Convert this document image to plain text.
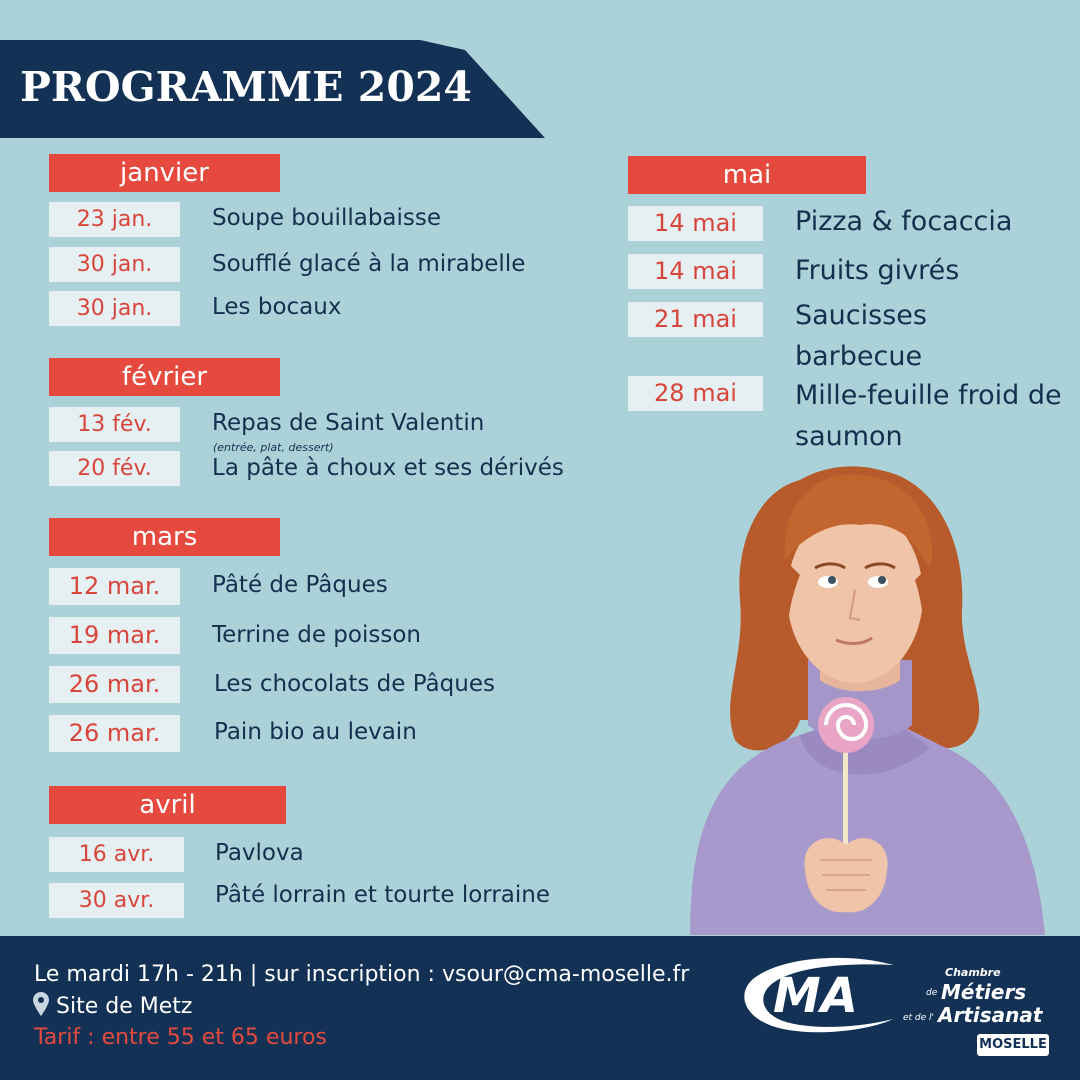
PROGRAMME 2024
janvier
23 jan.	Soupe bouillabaisse
30 jan.	Soufflé glacé à la mirabelle
30 jan.	Les bocaux
février
13 fév.	Repas de Saint Valentin
(entrée, plat, dessert)
20 fév.	La pâte à choux et ses dérivés
mars
12 mar.	Pâté de Pâques
19 mar.	Terrine de poisson
26 mar.	Les chocolats de Pâques
26 mar.	Pain bio au levain
avril
16 avr.	Pavlova
30 avr.	Pâté lorrain et tourte lorraine
mai
14 mai	Pizza & focaccia
14 mai	Fruits givrés
21 mai	Saucisses barbecue
28 mai	Mille-feuille froid de saumon
Le mardi 17h - 21h | sur inscription : vsour@cma-moselle.fr
Site de Metz
Tarif : entre 55 et 65 euros
MA	Chambre
de Métiers
et de l' Artisanat
MOSELLE
